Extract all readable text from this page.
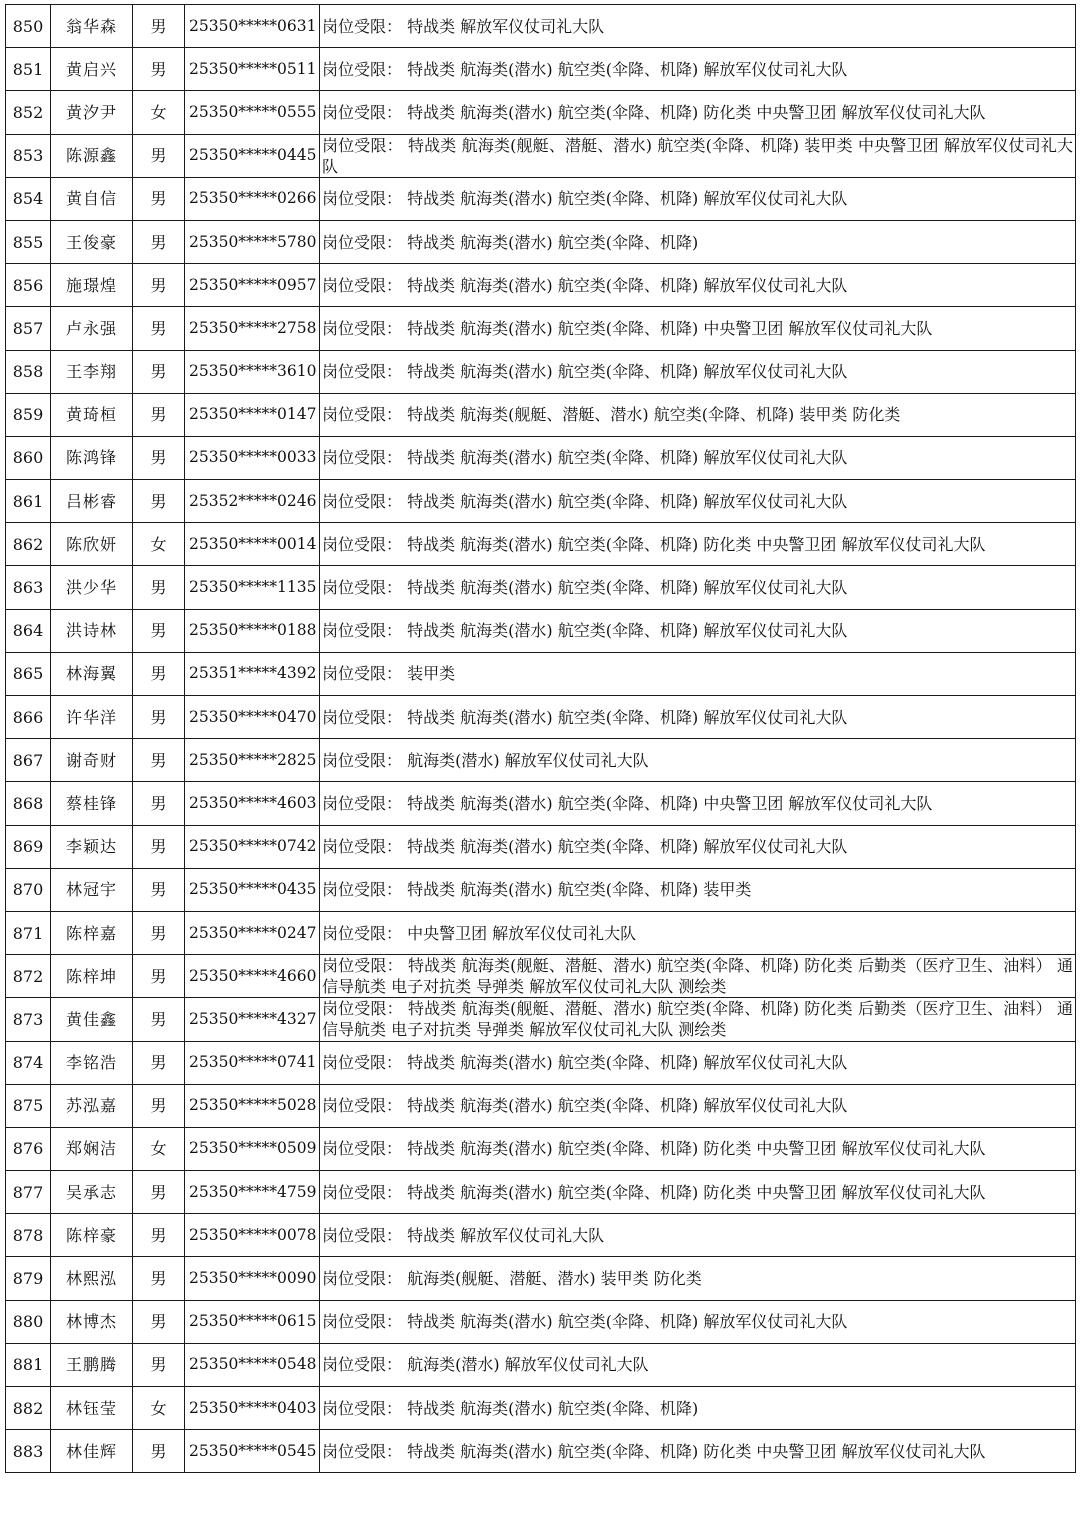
850	翁华森	男	25350*****0631	岗位受限： 特战类 解放军仪仗司礼大队
851	黄启兴	男	25350*****0511	岗位受限： 特战类 航海类(潜水) 航空类(伞降、机降) 解放军仪仗司礼大队
852	黄汐尹	女	25350*****0555	岗位受限： 特战类 航海类(潜水) 航空类(伞降、机降) 防化类 中央警卫团 解放军仪仗司礼大队
853	陈源鑫	男	25350*****0445	岗位受限： 特战类 航海类(舰艇、潜艇、潜水) 航空类(伞降、机降) 装甲类 中央警卫团 解放军仪仗司礼大队
854	黄自信	男	25350*****0266	岗位受限： 特战类 航海类(潜水) 航空类(伞降、机降) 解放军仪仗司礼大队
855	王俊豪	男	25350*****5780	岗位受限： 特战类 航海类(潜水) 航空类(伞降、机降)
856	施璟煌	男	25350*****0957	岗位受限： 特战类 航海类(潜水) 航空类(伞降、机降) 解放军仪仗司礼大队
857	卢永强	男	25350*****2758	岗位受限： 特战类 航海类(潜水) 航空类(伞降、机降) 中央警卫团 解放军仪仗司礼大队
858	王李翔	男	25350*****3610	岗位受限： 特战类 航海类(潜水) 航空类(伞降、机降) 解放军仪仗司礼大队
859	黄琦桓	男	25350*****0147	岗位受限： 特战类 航海类(舰艇、潜艇、潜水) 航空类(伞降、机降) 装甲类 防化类
860	陈鸿锋	男	25350*****0033	岗位受限： 特战类 航海类(潜水) 航空类(伞降、机降) 解放军仪仗司礼大队
861	吕彬睿	男	25352*****0246	岗位受限： 特战类 航海类(潜水) 航空类(伞降、机降) 解放军仪仗司礼大队
862	陈欣妍	女	25350*****0014	岗位受限： 特战类 航海类(潜水) 航空类(伞降、机降) 防化类 中央警卫团 解放军仪仗司礼大队
863	洪少华	男	25350*****1135	岗位受限： 特战类 航海类(潜水) 航空类(伞降、机降) 解放军仪仗司礼大队
864	洪诗林	男	25350*****0188	岗位受限： 特战类 航海类(潜水) 航空类(伞降、机降) 解放军仪仗司礼大队
865	林海翼	男	25351*****4392	岗位受限： 装甲类
866	许华洋	男	25350*****0470	岗位受限： 特战类 航海类(潜水) 航空类(伞降、机降) 解放军仪仗司礼大队
867	谢奇财	男	25350*****2825	岗位受限： 航海类(潜水) 解放军仪仗司礼大队
868	蔡桂锋	男	25350*****4603	岗位受限： 特战类 航海类(潜水) 航空类(伞降、机降) 中央警卫团 解放军仪仗司礼大队
869	李颖达	男	25350*****0742	岗位受限： 特战类 航海类(潜水) 航空类(伞降、机降) 解放军仪仗司礼大队
870	林冠宇	男	25350*****0435	岗位受限： 特战类 航海类(潜水) 航空类(伞降、机降) 装甲类
871	陈梓嘉	男	25350*****0247	岗位受限： 中央警卫团 解放军仪仗司礼大队
872	陈梓坤	男	25350*****4660	岗位受限： 特战类 航海类(舰艇、潜艇、潜水) 航空类(伞降、机降) 防化类 后勤类（医疗卫生、油料） 通信导航类 电子对抗类 导弹类 解放军仪仗司礼大队 测绘类
873	黄佳鑫	男	25350*****4327	岗位受限： 特战类 航海类(舰艇、潜艇、潜水) 航空类(伞降、机降) 防化类 后勤类（医疗卫生、油料） 通信导航类 电子对抗类 导弹类 解放军仪仗司礼大队 测绘类
874	李铭浩	男	25350*****0741	岗位受限： 特战类 航海类(潜水) 航空类(伞降、机降) 解放军仪仗司礼大队
875	苏泓嘉	男	25350*****5028	岗位受限： 特战类 航海类(潜水) 航空类(伞降、机降) 解放军仪仗司礼大队
876	郑娴洁	女	25350*****0509	岗位受限： 特战类 航海类(潜水) 航空类(伞降、机降) 防化类 中央警卫团 解放军仪仗司礼大队
877	吴承志	男	25350*****4759	岗位受限： 特战类 航海类(潜水) 航空类(伞降、机降) 防化类 中央警卫团 解放军仪仗司礼大队
878	陈梓豪	男	25350*****0078	岗位受限： 特战类 解放军仪仗司礼大队
879	林熙泓	男	25350*****0090	岗位受限： 航海类(舰艇、潜艇、潜水) 装甲类 防化类
880	林博杰	男	25350*****0615	岗位受限： 特战类 航海类(潜水) 航空类(伞降、机降) 解放军仪仗司礼大队
881	王鹏腾	男	25350*****0548	岗位受限： 航海类(潜水) 解放军仪仗司礼大队
882	林钰莹	女	25350*****0403	岗位受限： 特战类 航海类(潜水) 航空类(伞降、机降)
883	林佳辉	男	25350*****0545	岗位受限： 特战类 航海类(潜水) 航空类(伞降、机降) 防化类 中央警卫团 解放军仪仗司礼大队
